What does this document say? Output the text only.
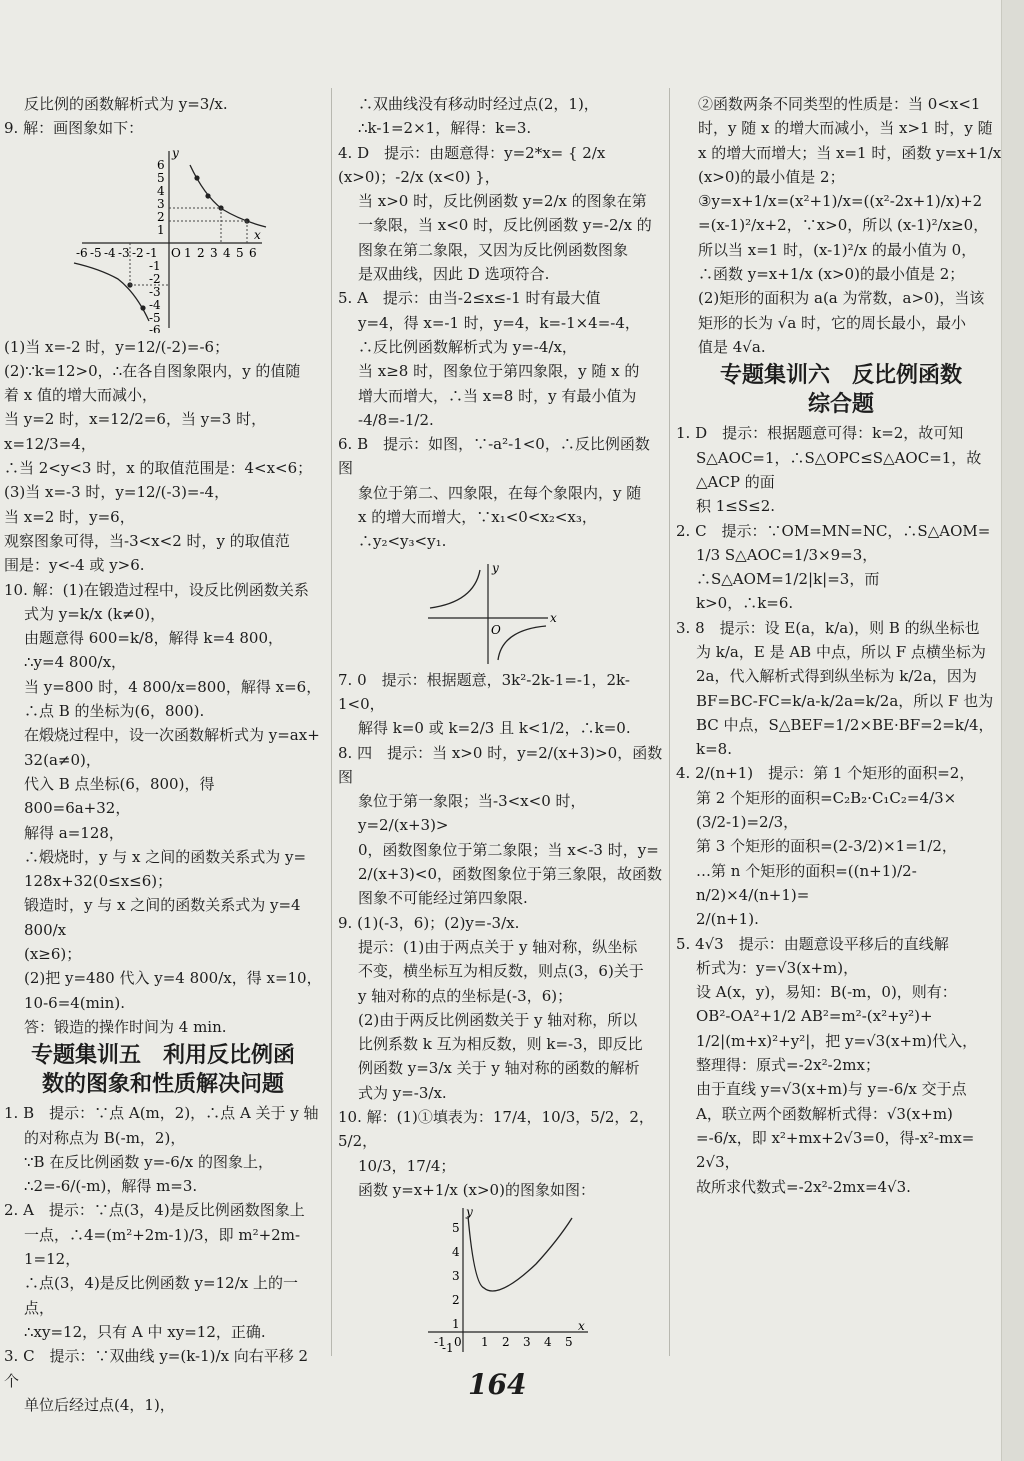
反比例的函数解析式为 y=3/x.

9. 解：画图象如下：

x
y
-6 -5 -4 -3 -2 -1 O 1 2 3 4 5 6
6
5
4
3
2
1
-1
-2
-3
-4
-5
-6

(1)当 x=-2 时，y=12/(-2)=-6；

(2)∵k=12>0，∴在各自图象限内，y 的值随

着 x 值的增大而减小，

当 y=2 时，x=12/2=6，当 y=3 时，x=12/3=4，

∴当 2<y<3 时，x 的取值范围是：4<x<6；

(3)当 x=-3 时，y=12/(-3)=-4，

当 x=2 时，y=6，

观察图象可得，当-3<x<2 时，y 的取值范

围是：y<-4 或 y>6.

10. 解：(1)在锻造过程中，设反比例函数关系

式为 y=k/x (k≠0)，

由题意得 600=k/8，解得 k=4 800，

∴y=4 800/x，

当 y=800 时，4 800/x=800，解得 x=6，

∴点 B 的坐标为(6，800).

在煅烧过程中，设一次函数解析式为 y=ax+

32(a≠0)，

代入 B 点坐标(6，800)，得 800=6a+32，

解得 a=128，

∴煅烧时，y 与 x 之间的函数关系式为 y=

128x+32(0≤x≤6)；

锻造时，y 与 x 之间的函数关系式为 y=4 800/x

(x≥6)；

(2)把 y=480 代入 y=4 800/x，得 x=10，

10-6=4(min).

答：锻造的操作时间为 4 min.

专题集训五　利用反比例函
数的图象和性质解决问题

1. B　提示：∵点 A(m，2)，∴点 A 关于 y 轴

的对称点为 B(-m，2)，

∵B 在反比例函数 y=-6/x 的图象上，

∴2=-6/(-m)，解得 m=3.

2. A　提示：∵点(3，4)是反比例函数图象上

一点，∴4=(m²+2m-1)/3，即 m²+2m-1=12，

∴点(3，4)是反比例函数 y=12/x 上的一点，

∴xy=12，只有 A 中 xy=12，正确.

3. C　提示：∵双曲线 y=(k-1)/x 向右平移 2 个

单位后经过点(4，1)，

∴双曲线没有移动时经过点(2，1)，

∴k-1=2×1，解得：k=3.

4. D　提示：由题意得：y=2*x= { 2/x (x>0)；-2/x (x<0) }，

当 x>0 时，反比例函数 y=2/x 的图象在第

一象限，当 x<0 时，反比例函数 y=-2/x 的

图象在第二象限，又因为反比例函数图象

是双曲线，因此 D 选项符合.

5. A　提示：由当-2≤x≤-1 时有最大值

y=4，得 x=-1 时，y=4，k=-1×4=-4，

∴反比例函数解析式为 y=-4/x，

当 x≥8 时，图象位于第四象限，y 随 x 的

增大而增大，∴当 x=8 时，y 有最小值为

-4/8=-1/2.

6. B　提示：如图，∵-a²-1<0，∴反比例函数图

象位于第二、四象限，在每个象限内，y 随

x 的增大而增大，∵x₁<0<x₂<x₃，∴y₂<y₃<y₁.

x
y
O

7. 0　提示：根据题意，3k²-2k-1=-1，2k-1<0，

解得 k=0 或 k=2/3 且 k<1/2，∴k=0.

8. 四　提示：当 x>0 时，y=2/(x+3)>0，函数图

象位于第一象限；当-3<x<0 时，y=2/(x+3)>

0，函数图象位于第二象限；当 x<-3 时，y=

2/(x+3)<0，函数图象位于第三象限，故函数

图象不可能经过第四象限.

9. (1)(-3，6)；(2)y=-3/x.

提示：(1)由于两点关于 y 轴对称，纵坐标

不变，横坐标互为相反数，则点(3，6)关于

y 轴对称的点的坐标是(-3，6)；

(2)由于两反比例函数关于 y 轴对称，所以

比例系数 k 互为相反数，则 k=-3，即反比

例函数 y=3/x 关于 y 轴对称的函数的解析

式为 y=-3/x.

10. 解：(1)①填表为：17/4，10/3，5/2，2，5/2，

10/3，17/4；

函数 y=x+1/x (x>0)的图象如图：

x
y
-1 0 1 2 3 4 5
5
4
3
2
1
-1

②函数两条不同类型的性质是：当 0<x<1

时，y 随 x 的增大而减小，当 x>1 时，y 随

x 的增大而增大；当 x=1 时，函数 y=x+1/x

(x>0)的最小值是 2；

③y=x+1/x=(x²+1)/x=((x²-2x+1)/x)+2

=(x-1)²/x+2，∵x>0，所以 (x-1)²/x≥0，

所以当 x=1 时，(x-1)²/x 的最小值为 0，

∴函数 y=x+1/x (x>0)的最小值是 2；

(2)矩形的面积为 a(a 为常数，a>0)，当该

矩形的长为 √a 时，它的周长最小，最小

值是 4√a.

专题集训六　反比例函数
综合题

1. D　提示：根据题意可得：k=2，故可知

S△AOC=1，∴S△OPC≤S△AOC=1，故△ACP 的面

积 1≤S≤2.

2. C　提示：∵OM=MN=NC，∴S△AOM=

1/3 S△AOC=1/3×9=3，∴S△AOM=1/2|k|=3，而

k>0，∴k=6.

3. 8　提示：设 E(a，k/a)，则 B 的纵坐标也

为 k/a，E 是 AB 中点，所以 F 点横坐标为

2a，代入解析式得到纵坐标为 k/2a，因为

BF=BC-FC=k/a-k/2a=k/2a，所以 F 也为

BC 中点，S△BEF=1/2×BE·BF=2=k/4，k=8.

4. 2/(n+1)　提示：第 1 个矩形的面积=2，

第 2 个矩形的面积=C₂B₂·C₁C₂=4/3×

(3/2-1)=2/3，

第 3 个矩形的面积=(2-3/2)×1=1/2，

…第 n 个矩形的面积=((n+1)/2-n/2)×4/(n+1)=

2/(n+1).

5. 4√3　提示：由题意设平移后的直线解

析式为：y=√3(x+m)，

设 A(x，y)，易知：B(-m，0)，则有：

OB²-OA²+1/2 AB²=m²-(x²+y²)+

1/2|(m+x)²+y²|，把 y=√3(x+m)代入，

整理得：原式=-2x²-2mx；

由于直线 y=√3(x+m)与 y=-6/x 交于点

A，联立两个函数解析式得：√3(x+m)

=-6/x，即 x²+mx+2√3=0，得-x²-mx=

2√3，

故所求代数式=-2x²-2mx=4√3.

164
